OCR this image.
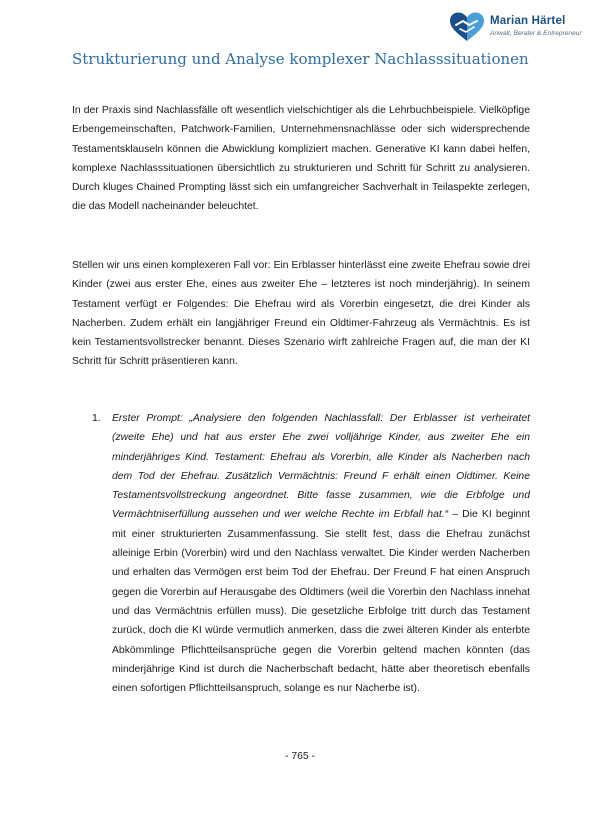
Marian Härtel
Anwalt, Berater & Entrepreneur
Strukturierung und Analyse komplexer Nachlasssituationen

In der Praxis sind Nachlassfälle oft wesentlich vielschichtiger als die Lehrbuchbeispiele. Vielköpfige Erbengemeinschaften, Patchwork-Familien, Unternehmensnachlässe oder sich widersprechende Testamentsklauseln können die Abwicklung kompliziert machen. Generative KI kann dabei helfen, komplexe Nachlasssituationen übersichtlich zu strukturieren und Schritt für Schritt zu analysieren. Durch kluges Chained Prompting lässt sich ein umfangreicher Sachverhalt in Teilaspekte zerlegen, die das Modell nacheinander beleuchtet.

Stellen wir uns einen komplexeren Fall vor: Ein Erblasser hinterlässt eine zweite Ehefrau sowie drei Kinder (zwei aus erster Ehe, eines aus zweiter Ehe – letzteres ist noch minderjährig). In seinem Testament verfügt er Folgendes: Die Ehefrau wird als Vorerbin eingesetzt, die drei Kinder als Nacherben. Zudem erhält ein langjähriger Freund ein Oldtimer-Fahrzeug als Vermächtnis. Es ist kein Testamentsvollstrecker benannt. Dieses Szenario wirft zahlreiche Fragen auf, die man der KI Schritt für Schritt präsentieren kann.

1. Erster Prompt: „Analysiere den folgenden Nachlassfall: Der Erblasser ist verheiratet (zweite Ehe) und hat aus erster Ehe zwei volljährige Kinder, aus zweiter Ehe ein minderjähriges Kind. Testament: Ehefrau als Vorerbin, alle Kinder als Nacherben nach dem Tod der Ehefrau. Zusätzlich Vermächtnis: Freund F erhält einen Oldtimer. Keine Testamentsvollstreckung angeordnet. Bitte fasse zusammen, wie die Erbfolge und Vermächtniserfüllung aussehen und wer welche Rechte im Erbfall hat.“ – Die KI beginnt mit einer strukturierten Zusammenfassung. Sie stellt fest, dass die Ehefrau zunächst alleinige Erbin (Vorerbin) wird und den Nachlass verwaltet. Die Kinder werden Nacherben und erhalten das Vermögen erst beim Tod der Ehefrau. Der Freund F hat einen Anspruch gegen die Vorerbin auf Herausgabe des Oldtimers (weil die Vorerbin den Nachlass innehat und das Vermächtnis erfüllen muss). Die gesetzliche Erbfolge tritt durch das Testament zurück, doch die KI würde vermutlich anmerken, dass die zwei älteren Kinder als enterbte Abkömmlinge Pflichtteilsansprüche gegen die Vorerbin geltend machen könnten (das minderjährige Kind ist durch die Nacherbschaft bedacht, hätte aber theoretisch ebenfalls einen sofortigen Pflichtteilsanspruch, solange es nur Nacherbe ist).

- 765 -
